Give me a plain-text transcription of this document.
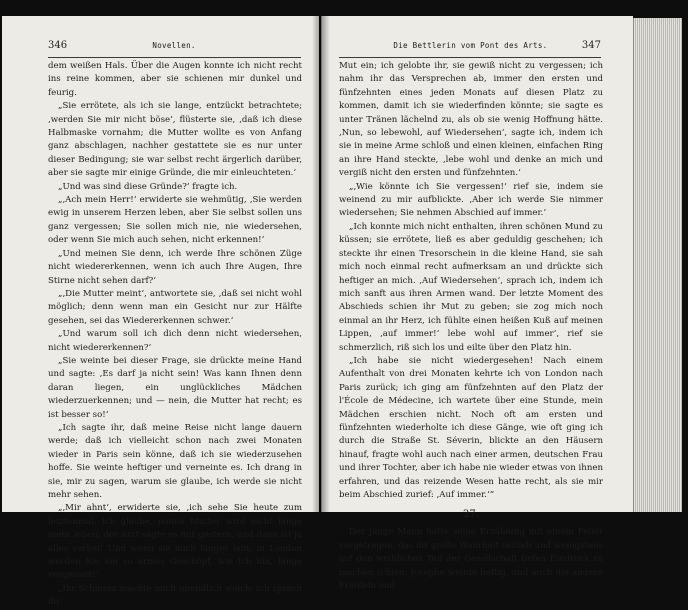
346	Novellen.

dem weißen Hals. Über die Augen konnte ich nicht recht ins reine kommen, aber sie schienen mir dunkel und feurig.

„Sie errötete, als ich sie lange, entzückt betrachtete; ‚werden Sie mir nicht böse‘, flüsterte sie, ‚daß ich diese Halbmaske vornahm; die Mutter wollte es von Anfang ganz abschlagen, nachher gestattete sie es nur unter dieser Bedingung; sie war selbst recht ärgerlich darüber, aber sie sagte mir einige Gründe, die mir einleuchteten.‘

„Und was sind diese Gründe?‘ fragte ich.

„‚Ach mein Herr!‘ erwiderte sie wehmütig, ‚Sie werden ewig in unserem Herzen leben, aber Sie selbst sollen uns ganz vergessen; Sie sollen mich nie, nie wiedersehen, oder wenn Sie mich auch sehen, nicht erkennen!‘

„Und meinen Sie denn, ich werde Ihre schönen Züge nicht wiedererkennen, wenn ich auch Ihre Augen, Ihre Stirne nicht sehen darf?‘

„‚Die Mutter meint‘, antwortete sie, ‚daß sei nicht wohl möglich; denn wenn man ein Gesicht nur zur Hälfte gesehen, sei das Wiedererkennen schwer.‘

„Und warum soll ich dich denn nicht wiedersehen, nicht wiedererkennen?‘

„Sie weinte bei dieser Frage, sie drückte meine Hand und sagte: ‚Es darf ja nicht sein! Was kann Ihnen denn daran liegen, ein unglückliches Mädchen wiederzuerkennen; und — nein, die Mutter hat recht; es ist besser so!‘

„Ich sagte ihr, daß meine Reise nicht lange dauern werde; daß ich vielleicht schon nach zwei Monaten wieder in Paris sein könne, daß ich sie wiederzusehen hoffe. Sie weinte heftiger und verneinte es. Ich drang in sie, mir zu sagen, warum sie glaube, ich werde sie nicht mehr sehen.

„‚Mir ahnt‘, erwiderte sie, ‚ich sehe Sie heute zum letztenmal; ich glaube, meine Mutter wird nicht lange mehr leben, der Arzt sagte es mir gestern, und dann ist ja alles vorbei! Und wenn sie auch länger lebt, in London werden Sie ein so armes Geschöpf, wie ich bin, lange vergessen!‘

„Ihr Schmerz machte mich unendlich weich; ich sprach ihr

Die Bettlerin vom Pont des Arts.	347

Mut ein; ich gelobte ihr, sie gewiß nicht zu vergessen; ich nahm ihr das Versprechen ab, immer den ersten und fünfzehnten eines jeden Monats auf diesen Platz zu kommen, damit ich sie wiederfinden könnte; sie sagte es unter Tränen lächelnd zu, als ob sie wenig Hoffnung hätte. ‚Nun, so lebewohl, auf Wiedersehen‘, sagte ich, indem ich sie in meine Arme schloß und einen kleinen, einfachen Ring an ihre Hand steckte, ‚lebe wohl und denke an mich und vergiß nicht den ersten und fünfzehnten.‘

„‚Wie könnte ich Sie vergessen!‘ rief sie, indem sie weinend zu mir aufblickte. ‚Aber ich werde Sie nimmer wiedersehen; Sie nehmen Abschied auf immer.‘

„Ich konnte mich nicht enthalten, ihren schönen Mund zu küssen; sie errötete, ließ es aber geduldig geschehen; ich steckte ihr einen Tresorschein in die kleine Hand, sie sah mich noch einmal recht aufmerksam an und drückte sich heftiger an mich. ‚Auf Wiedersehen‘, sprach ich, indem ich mich sanft aus ihren Armen wand. Der letzte Moment des Abschieds schien ihr Mut zu geben; sie zog mich noch einmal an ihr Herz, ich fühlte einen heißen Kuß auf meinen Lippen, ‚auf immer!‘ lebe wohl auf immer‘, rief sie schmerzlich, riß sich los und eilte über den Platz hin.

„Ich habe sie nicht wiedergesehen! Nach einem Aufenthalt von drei Monaten kehrte ich von London nach Paris zurück; ich ging am fünfzehnten auf den Platz der l'École de Médecine, ich wartete über eine Stunde, mein Mädchen erschien nicht. Noch oft am ersten und fünfzehnten wiederholte ich diese Gänge, wie oft ging ich durch die Straße St. Séverin, blickte an den Häusern hinauf, fragte wohl auch nach einer armen, deutschen Frau und ihrer Tochter, aber ich habe nie wieder etwas von ihnen erfahren, und das reizende Wesen hatte recht, als sie mir beim Abschied zurief: ‚Auf immer.‘“

27.

Der junge Mann hatte seine Erzählung mit einem Feuer vorgetragen, das ihr große Wahrheit verlieh und wenigstens auf den weiblichen Teil der Gesellschaft tiefen Eindruck zu machen schien. Josephe weinte heftig, und auch die andern Fräulein und
